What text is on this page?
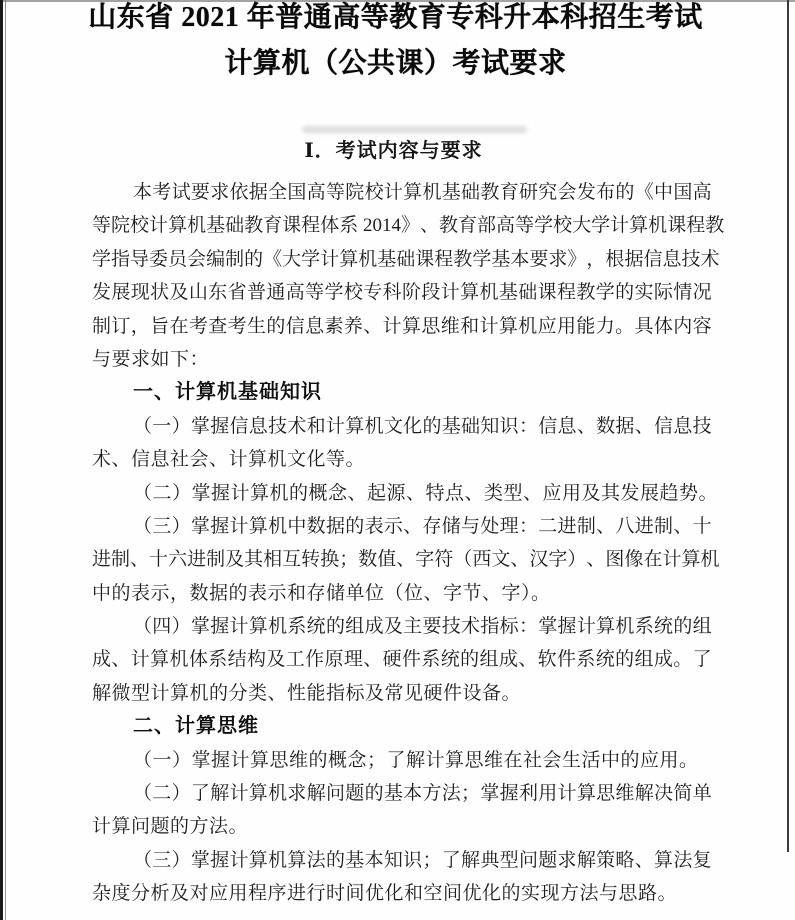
山东省 2021 年普通高等教育专科升本科招生考试
计算机（公共课）考试要求
Ⅰ．考试内容与要求
本 考 试 要 求 依 据 全 国 高 等 院 校 计 算 机 基 础 教 育 研 究 会 发 布 的 《 中 国 高
等 院 校 计 算 机 基 础 教 育 课 程 体 系
2 0 1 4 》 、 教 育 部 高 等 学 校 大 学 计 算 机 课 程 教
学 指 导 委 员 会 编 制 的 《 大 学 计 算 机 基 础 课 程 教 学 基 本 要 求 》 ， 根 据 信 息 技 术
发 展 现 状 及 山 东 省 普 通 高 等 学 校 专 科 阶 段 计 算 机 基 础 课 程 教 学 的 实 际 情 况
制 订 ， 旨 在 考 查 考 生 的 信 息 素 养 、 计 算 思 维 和 计 算 机 应 用 能 力 。 具 体 内 容
与要求如下：
一、计算机基础知识
（ 一 ） 掌 握 信 息 技 术 和 计 算 机 文 化 的 基 础 知 识 ： 信 息 、 数 据 、 信 息 技
术、信息社会、计算机文化等。
（二）掌握计算机的概念、起源、特点、类型、应用及其发展趋势。
（ 三 ） 掌 握 计 算 机 中 数 据 的 表 示 、 存 储 与 处 理 ： 二 进 制 、 八 进 制 、 十
进 制 、 十 六 进 制 及 其 相 互 转 换 ； 数 值 、 字 符 （ 西 文 、 汉 字 ） 、 图 像 在 计 算 机
中的表示，数据的表示和存储单位（位、字节、字）。
（ 四 ） 掌 握 计 算 机 系 统 的 组 成 及 主 要 技 术 指 标 ： 掌 握 计 算 机 系 统 的 组
成 、 计 算 机 体 系 结 构 及 工 作 原 理 、 硬 件 系 统 的 组 成 、 软 件 系 统 的 组 成 。 了
解微型计算机的分类、性能指标及常见硬件设备。
二、计算思维
（一）掌握计算思维的概念；了解计算思维在社会生活中的应用。
（ 二 ） 了 解 计 算 机 求 解 问 题 的 基 本 方 法 ； 掌 握 利 用 计 算 思 维 解 决 简 单
计算问题的方法。
（ 三 ） 掌 握 计 算 机 算 法 的 基 本 知 识 ； 了 解 典 型 问 题 求 解 策 略 、 算 法 复
杂度分析及对应用程序进行时间优化和空间优化的实现方法与思路。
